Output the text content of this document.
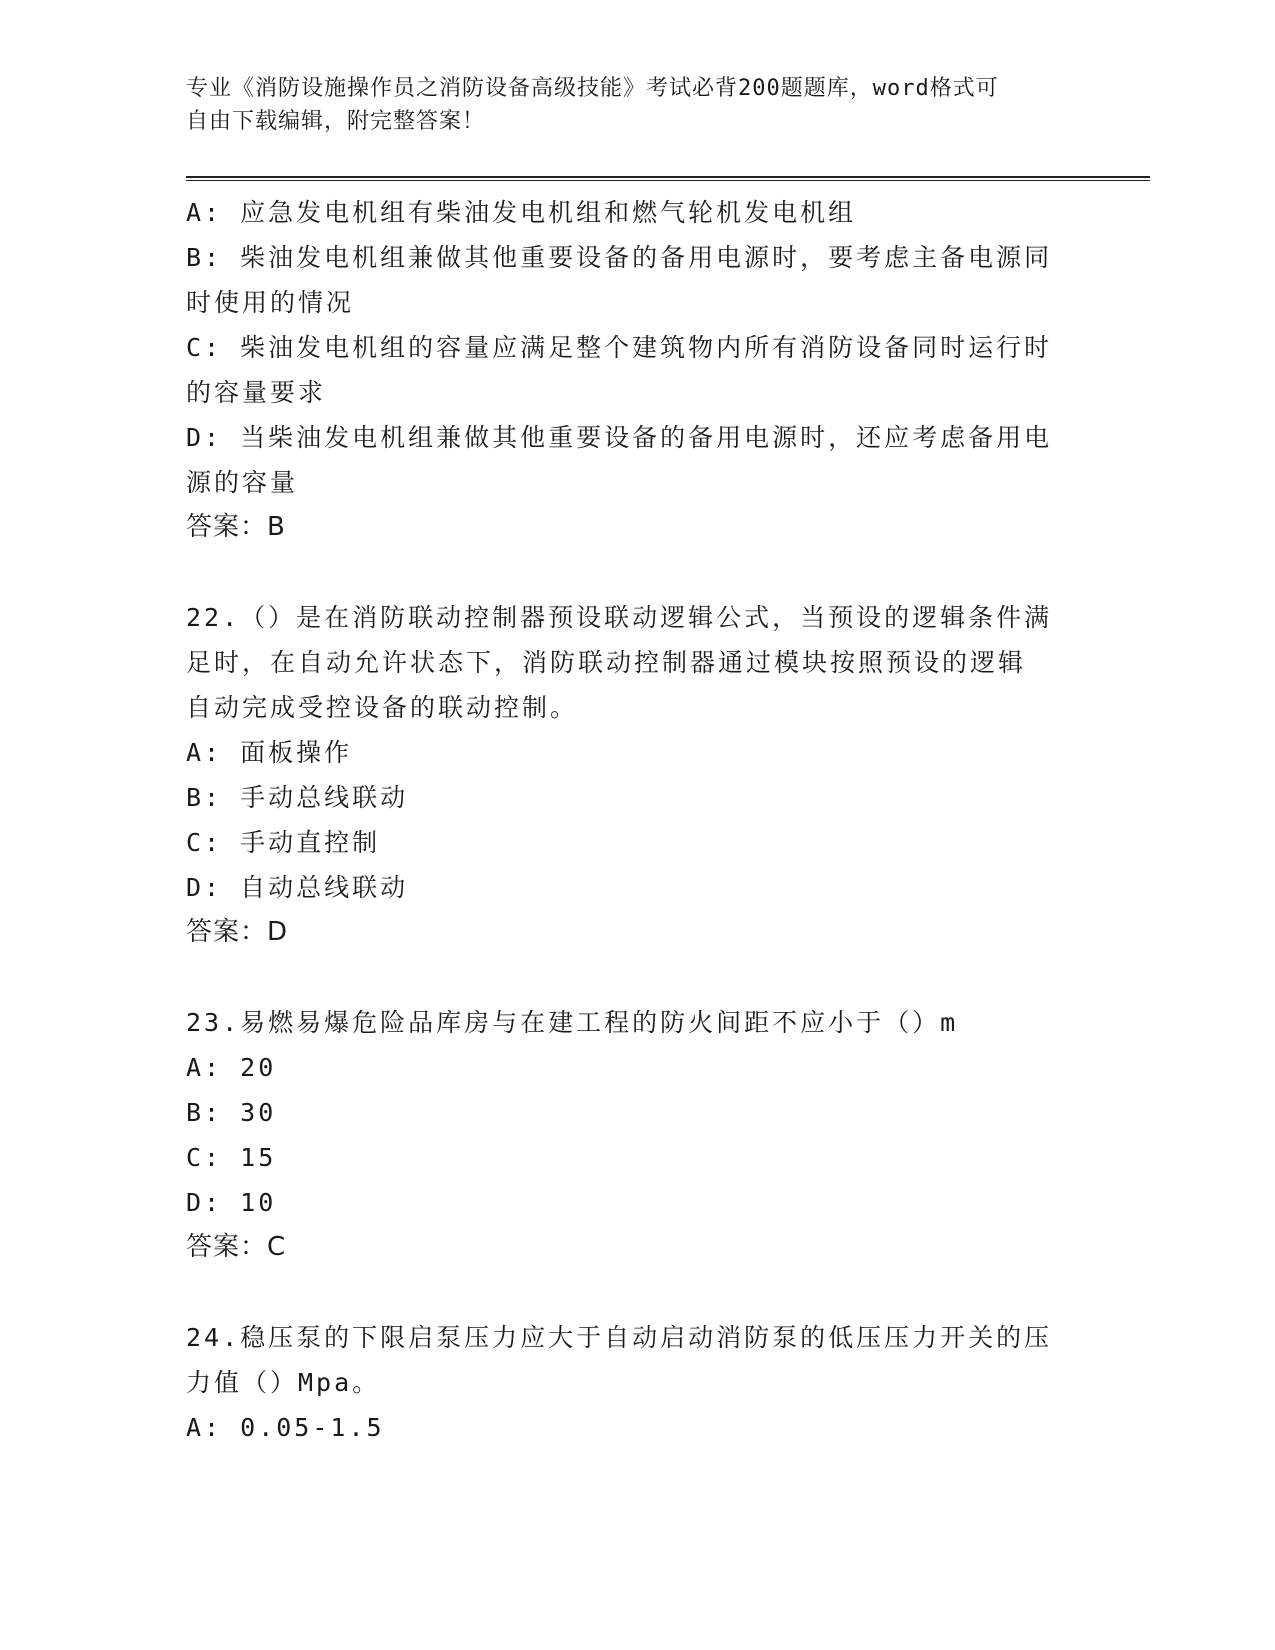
专业《消防设施操作员之消防设备高级技能》考试必背200题题库，word格式可
自由下载编辑，附完整答案！
A: 应急发电机组有柴油发电机组和燃气轮机发电机组
B: 柴油发电机组兼做其他重要设备的备用电源时，要考虑主备电源同
时使用的情况
C: 柴油发电机组的容量应满足整个建筑物内所有消防设备同时运行时
的容量要求
D: 当柴油发电机组兼做其他重要设备的备用电源时，还应考虑备用电
源的容量
答案：B
22.（）是在消防联动控制器预设联动逻辑公式，当预设的逻辑条件满
足时，在自动允许状态下，消防联动控制器通过模块按照预设的逻辑
自动完成受控设备的联动控制。
A: 面板操作
B: 手动总线联动
C: 手动直控制
D: 自动总线联动
答案：D
23.易燃易爆危险品库房与在建工程的防火间距不应小于（）m
A: 20
B: 30
C: 15
D: 10
答案：C
24.稳压泵的下限启泵压力应大于自动启动消防泵的低压压力开关的压
力值（）Mpa。
A: 0.05-1.5
